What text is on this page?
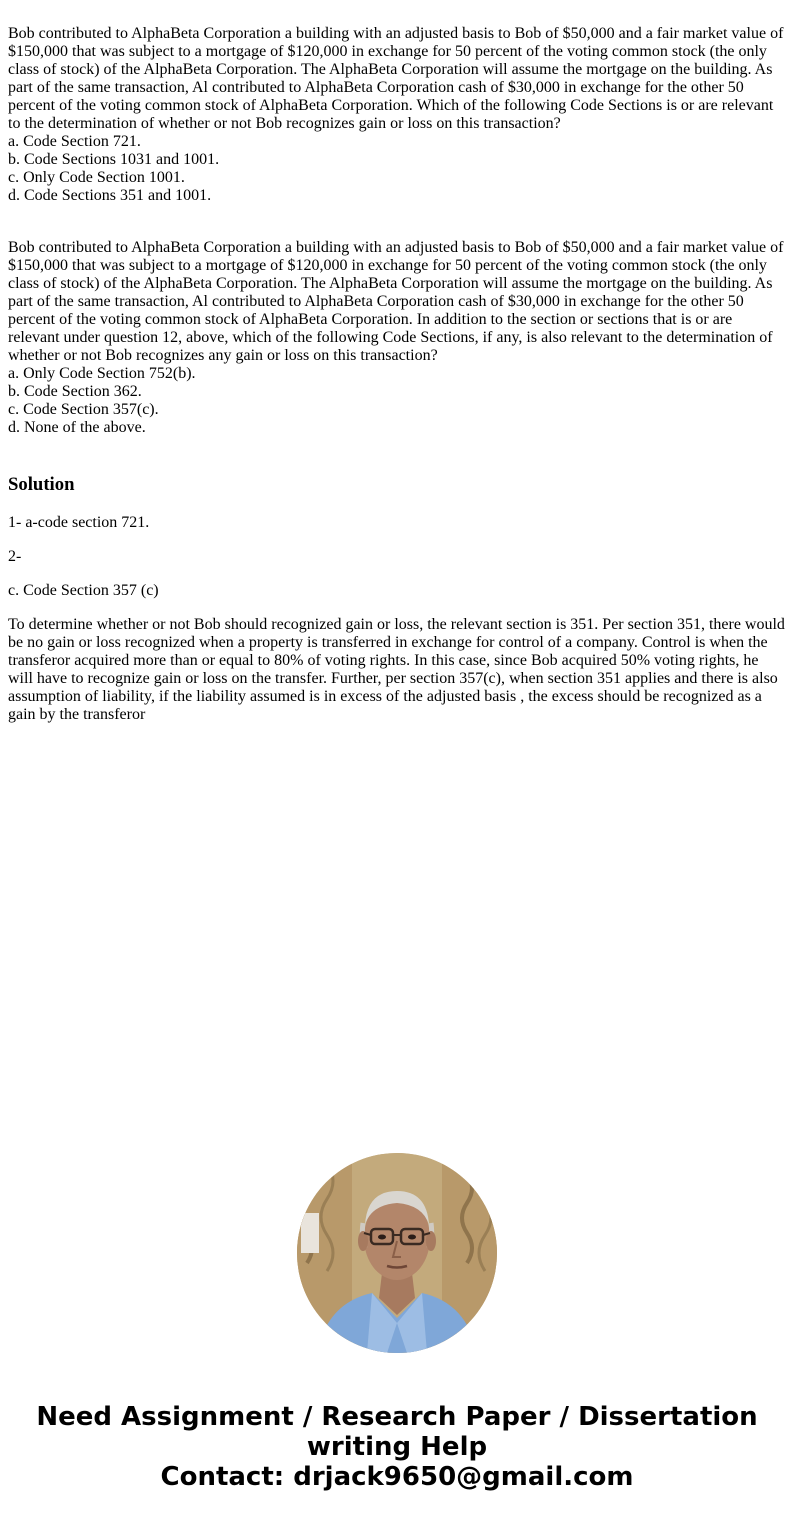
Bob contributed to AlphaBeta Corporation a building with an adjusted basis to Bob of $50,000 and a fair market value of $150,000 that was subject to a mortgage of $120,000 in exchange for 50 percent of the voting common stock (the only class of stock) of the AlphaBeta Corporation. The AlphaBeta Corporation will assume the mortgage on the building. As part of the same transaction, Al contributed to AlphaBeta Corporation cash of $30,000 in exchange for the other 50 percent of the voting common stock of AlphaBeta Corporation. Which of the following Code Sections is or are relevant to the determination of whether or not Bob recognizes gain or loss on this transaction?

a. Code Section 721.
b. Code Sections 1031 and 1001.
c. Only Code Section 1001.
d. Code Sections 351 and 1001.

Bob contributed to AlphaBeta Corporation a building with an adjusted basis to Bob of $50,000 and a fair market value of $150,000 that was subject to a mortgage of $120,000 in exchange for 50 percent of the voting common stock (the only class of stock) of the AlphaBeta Corporation. The AlphaBeta Corporation will assume the mortgage on the building. As part of the same transaction, Al contributed to AlphaBeta Corporation cash of $30,000 in exchange for the other 50 percent of the voting common stock of AlphaBeta Corporation. In addition to the section or sections that is or are relevant under question 12, above, which of the following Code Sections, if any, is also relevant to the determination of whether or not Bob recognizes any gain or loss on this transaction?

a. Only Code Section 752(b).
b. Code Section 362.
c. Code Section 357(c).
d. None of the above.
Solution

1- a-code section 721.

2-

c. Code Section 357 (c)

To determine whether or not Bob should recognized gain or loss, the relevant section is 351. Per section 351, there would be no gain or loss recognized when a property is transferred in exchange for control of a company. Control is when the transferor acquired more than or equal to 80% of voting rights. In this case, since Bob acquired 50% voting rights, he will have to recognize gain or loss on the transfer. Further, per section 357(c), when section 351 applies and there is also assumption of liability, if the liability assumed is in excess of the adjusted basis , the excess should be recognized as a gain by the transferor

Need Assignment / Research Paper / Dissertation
writing Help
Contact: drjack9650@gmail.com
